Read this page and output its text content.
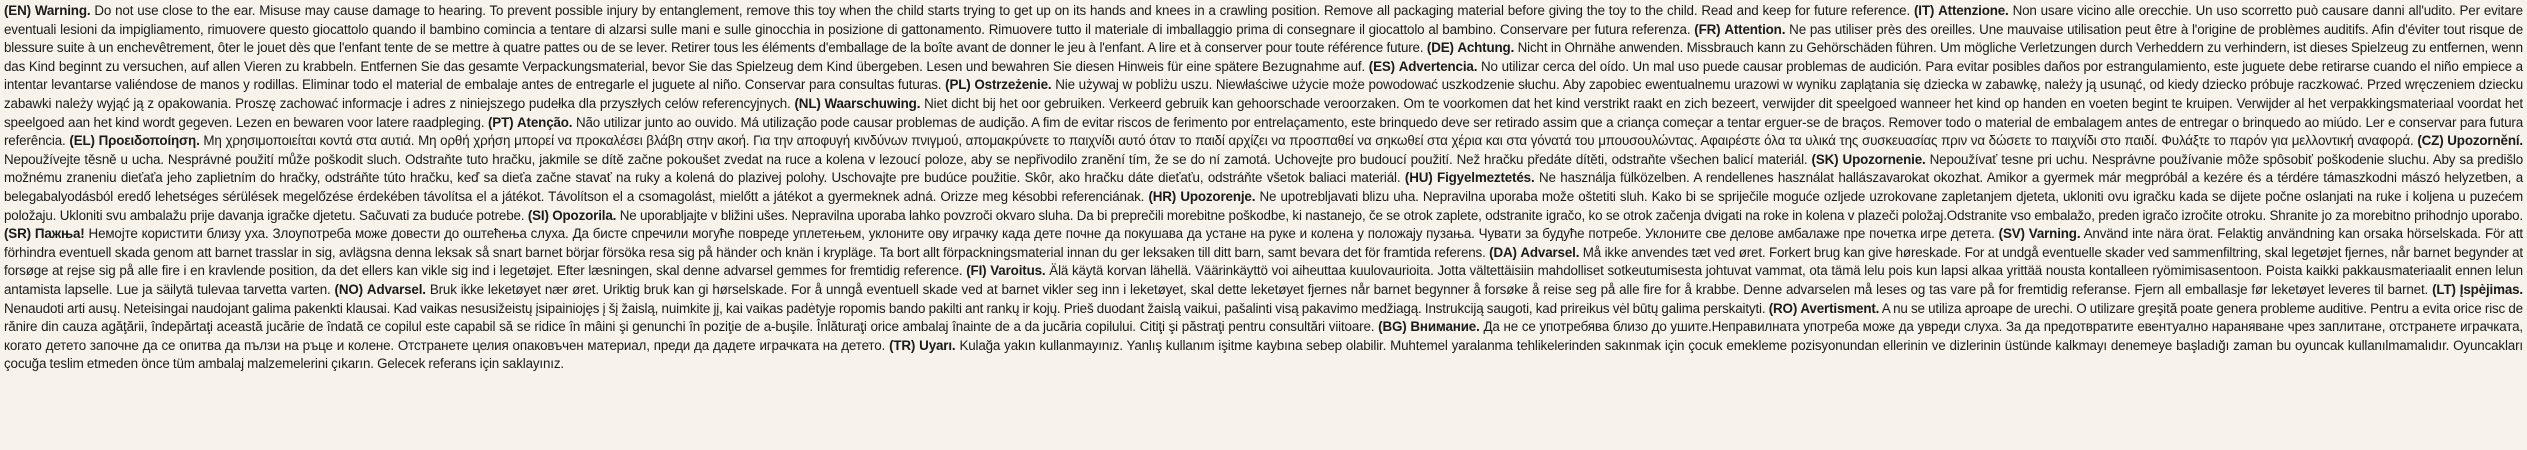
(EN) Warning. Do not use close to the ear. Misuse may cause damage to hearing. To prevent possible injury by entanglement, remove this toy when the child starts trying to get up on its hands and knees in a crawling position. Remove all packaging material before giving the toy to the child. Read and keep for future reference. (IT) Attenzione. Non usare vicino alle orecchie. Un uso scorretto può causare danni all'udito. Per evitare eventuali lesioni da impigliamento, rimuovere questo giocattolo quando il bambino comincia a tentare di alzarsi sulle mani e sulle ginocchia in posizione di gattonamento. Rimuovere tutto il materiale di imballaggio prima di consegnare il giocattolo al bambino. Conservare per futura referenza. (FR) Attention. Ne pas utiliser près des oreilles. Une mauvaise utilisation peut être à l'origine de problèmes auditifs. Afin d'éviter tout risque de blessure suite à un enchevêtrement, ôter le jouet dès que l'enfant tente de se mettre à quatre pattes ou de se lever. Retirer tous les éléments d'emballage de la boîte avant de donner le jeu à l'enfant. A lire et à conserver pour toute référence future. (DE) Achtung. Nicht in Ohrnähe anwenden. Missbrauch kann zu Gehörschäden führen. Um mögliche Verletzungen durch Verheddern zu verhindern, ist dieses Spielzeug zu entfernen, wenn das Kind beginnt zu versuchen, auf allen Vieren zu krabbeln. Entfernen Sie das gesamte Verpackungsmaterial, bevor Sie das Spielzeug dem Kind übergeben. Lesen und bewahren Sie diesen Hinweis für eine spätere Bezugnahme auf. (ES) Advertencia. No utilizar cerca del oído. Un mal uso puede causar problemas de audición. Para evitar posibles daños por estrangulamiento, este juguete debe retirarse cuando el niño empiece a intentar levantarse valiéndose de manos y rodillas. Eliminar todo el material de embalaje antes de entregarle el juguete al niño. Conservar para consultas futuras. (PL) Ostrzeżenie. Nie używaj w pobliżu uszu. Niewłaściwe użycie może powodować uszkodzenie słuchu. Aby zapobiec ewentualnemu urazowi w wyniku zaplątania się dziecka w zabawkę, należy ją usunąć, od kiedy dziecko próbuje raczkować. Przed wręczeniem dziecku zabawki należy wyjąć ją z opakowania. Proszę zachować informacje i adres z niniejszego pudełka dla przyszłych celów referencyjnych. (NL) Waarschuwing. Niet dicht bij het oor gebruiken. Verkeerd gebruik kan gehoorschade veroorzaken. Om te voorkomen dat het kind verstrikt raakt en zich bezeert, verwijder dit speelgoed wanneer het kind op handen en voeten begint te kruipen. Verwijder al het verpakkingsmateriaal voordat het speelgoed aan het kind wordt gegeven. Lezen en bewaren voor latere raadpleging. (PT) Atenção. Não utilizar junto ao ouvido. Má utilização pode causar problemas de audição. A fim de evitar riscos de ferimento por entrelaçamento, este brinquedo deve ser retirado assim que a criança começar a tentar erguer-se de braços. Remover todo o material de embalagem antes de entregar o brinquedo ao miúdo. Ler e conservar para futura referência. (EL) Προειδοποίηση. Μη χρησιμοποιείται κοντά στα αυτιά. Μη ορθή χρήση μπορεί να προκαλέσει βλάβη στην ακοή. Για την αποφυγή κινδύνων πνιγμού, απομακρύνετε το παιχνίδι αυτό όταν το παιδί αρχίζει να προσπαθεί να σηκωθεί στα χέρια και στα γόνατά του μπουσουλώντας. Αφαιρέστε όλα τα υλικά της συσκευασίας πριν να δώσετε το παιχνίδι στο παιδί. Φυλάξτε το παρόν για μελλοντική αναφορά. (CZ) Upozornění. Nepoužívejte těsně u ucha. Nesprávné použití může poškodit sluch. Odstraňte tuto hračku, jakmile se dítě začne pokoušet zvedat na ruce a kolena v lezoucí poloze, aby se nepřivodilo zranění tím, že se do ní zamotá. Uchovejte pro budoucí použití. Než hračku předáte dítěti, odstraňte všechen balicí materiál. (SK) Upozornenie. Nepoužívať tesne pri uchu. Nesprávne používanie môže spôsobiť poškodenie sluchu. Aby sa predišlo možnému zraneniu dieťaťa jeho zaplietním do hračky, odstráňte túto hračku, keď sa dieťa začne stavať na ruky a kolená do plazivej polohy. Uschovajte pre budúce použitie. Skôr, ako hračku dáte dieťaťu, odstráňte všetok baliaci materiál. (HU) Figyelmeztetés. Ne használja fülközelben. A rendellenes használat hallászavarokat okozhat. Amikor a gyermek már megpróbál a kezére és a térdére támaszkodni mászó helyzetben, a belegabalyodásból eredő lehetséges sérülések megelőzése érdekében távolítsa el a játékot. Távolítson el a csomagolást, mielőtt a játékot a gyermeknek adná. Orizze meg késobbi referenciának. (HR) Upozorenje. Ne upotrebljavati blizu uha. Nepravilna uporaba može oštetiti sluh. Kako bi se spriječile moguće ozljede uzrokovane zapletanjem djeteta, ukloniti ovu igračku kada se dijete počne oslanjati na ruke i koljena u puzećem položaju. Ukloniti svu ambalažu prije davanja igračke djetetu. Sačuvati za buduće potrebe. (SI) Opozorila. Ne uporabljajte v bližini ušes. Nepravilna uporaba lahko povzroči okvaro sluha. Da bi preprečili morebitne poškodbe, ki nastanejo, če se otrok zaplete, odstranite igračo, ko se otrok začenja dvigati na roke in kolena v plazeči položaj.Odstranite vso embalažo, preden igračo izročite otroku. Shranite jo za morebitno prihodnjo uporabo. (SR) Пажња! Немојте користити близу уха. Злоупотреба може довести до оштећења слуха. Да бисте спречили могуће повреде уплетењем, уклоните ову играчку када дете почне да покушава да устане на руке и колена у положају пузања. Чувати за будуће потребе. Уклоните све делове амбалаже пре почетка игре детета. (SV) Varning. Använd inte nära örat. Felaktig användning kan orsaka hörselskada. För att förhindra eventuell skada genom att barnet trasslar in sig, avlägsna denna leksak så snart barnet börjar försöka resa sig på händer och knän i krypläge. Ta bort allt förpackningsmaterial innan du ger leksaken till ditt barn, samt bevara det för framtida referens. (DA) Advarsel. Må ikke anvendes tæt ved øret. Forkert brug kan give høreskade. For at undgå eventuelle skader ved sammenfiltring, skal legetøjet fjernes, når barnet begynder at forsøge at rejse sig på alle fire i en kravlende position, da det ellers kan vikle sig ind i legetøjet. Efter læsningen, skal denne advarsel gemmes for fremtidig reference. (FI) Varoitus. Älä käytä korvan lähellä. Väärinkäyttö voi aiheuttaa kuulovaurioita. Jotta vältettäisiin mahdolliset sotkeutumisesta johtuvat vammat, ota tämä lelu pois kun lapsi alkaa yrittää nousta kontalleen ryömimisasentoon. Poista kaikki pakkausmateriaalit ennen lelun antamista lapselle. Lue ja säilytä tulevaa tarvetta varten. (NO) Advarsel. Bruk ikke leketøyet nær øret. Uriktig bruk kan gi hørselskade. For å unngå eventuell skade ved at barnet vikler seg inn i leketøyet, skal dette leketøyet fjernes når barnet begynner å forsøke å reise seg på alle fire for å krabbe. Denne advarselen må leses og tas vare på for fremtidig referanse. Fjern all emballasje før leketøyet leveres til barnet. (LT) Įspėjimas. Nenaudoti arti ausų. Neteisingai naudojant galima pakenkti klausai. Kad vaikas nesusižeistų įsipainiojęs į šį žaislą, nuimkite jį, kai vaikas padėtyje ropomis bando pakilti ant rankų ir kojų. Prieš duodant žaislą vaikui, pašalinti visą pakavimo medžiagą. Instrukciją saugoti, kad prireikus vėl būtų galima perskaityti. (RO) Avertisment. A nu se utiliza aproape de urechi. O utilizare greşită poate genera probleme auditive. Pentru a evita orice risc de rănire din cauza agăţării, îndepărtaţi această jucărie de îndată ce copilul este capabil să se ridice în mâini şi genunchi în poziţie de a-buşile. Înlăturaţi orice ambalaj înainte de a da jucăria copilului. Citiţi şi păstraţi pentru consultări viitoare. (BG) Внимание. Да не се употребява близо до ушите.Неправилната употреба може да увреди слуха. За да предотвратите евентуално нараняване чрез заплитане, отстранете играчката, когато детето започне да се опитва да пълзи на ръце и колене. Отстранете целия опаковъчен материал, преди да дадете играчката на детето. (TR) Uyarı. Kulağa yakın kullanmayınız. Yanlış kullanım işitme kaybına sebep olabilir. Muhtemel yaralanma tehlikelerinden sakınmak için çocuk emekleme pozisyonundan ellerinin ve dizlerinin üstünde kalkmayı denemeye başladığı zaman bu oyuncak kullanılmamalıdır. Oyuncakları çocuğa teslim etmeden önce tüm ambalaj malzemelerini çıkarın. Gelecek referans için saklayınız.
